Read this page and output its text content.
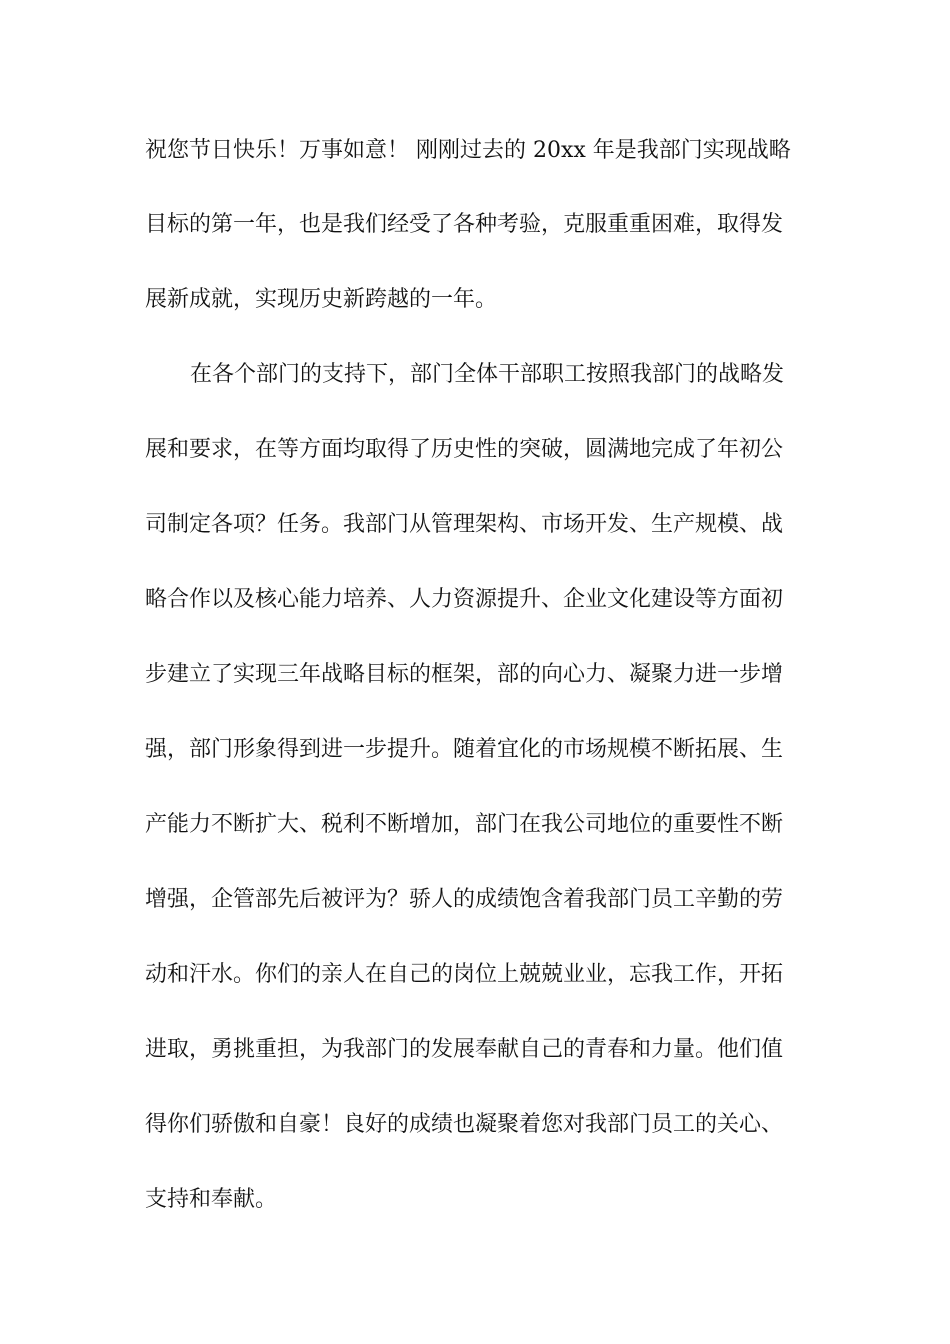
祝您节日快乐！万事如意！ 刚刚过去的 20xx 年是我部门实现战略

目标的第一年，也是我们经受了各种考验，克服重重困难，取得发

展新成就，实现历史新跨越的一年。

在各个部门的支持下，部门全体干部职工按照我部门的战略发

展和要求，在等方面均取得了历史性的突破，圆满地完成了年初公

司制定各项？任务。我部门从管理架构、市场开发、生产规模、战

略合作以及核心能力培养、人力资源提升、企业文化建设等方面初

步建立了实现三年战略目标的框架，部的向心力、凝聚力进一步增

强，部门形象得到进一步提升。随着宜化的市场规模不断拓展、生

产能力不断扩大、税利不断增加，部门在我公司地位的重要性不断

增强，企管部先后被评为？骄人的成绩饱含着我部门员工辛勤的劳

动和汗水。你们的亲人在自己的岗位上兢兢业业，忘我工作，开拓

进取，勇挑重担，为我部门的发展奉献自己的青春和力量。他们值

得你们骄傲和自豪！良好的成绩也凝聚着您对我部门员工的关心、

支持和奉献。
